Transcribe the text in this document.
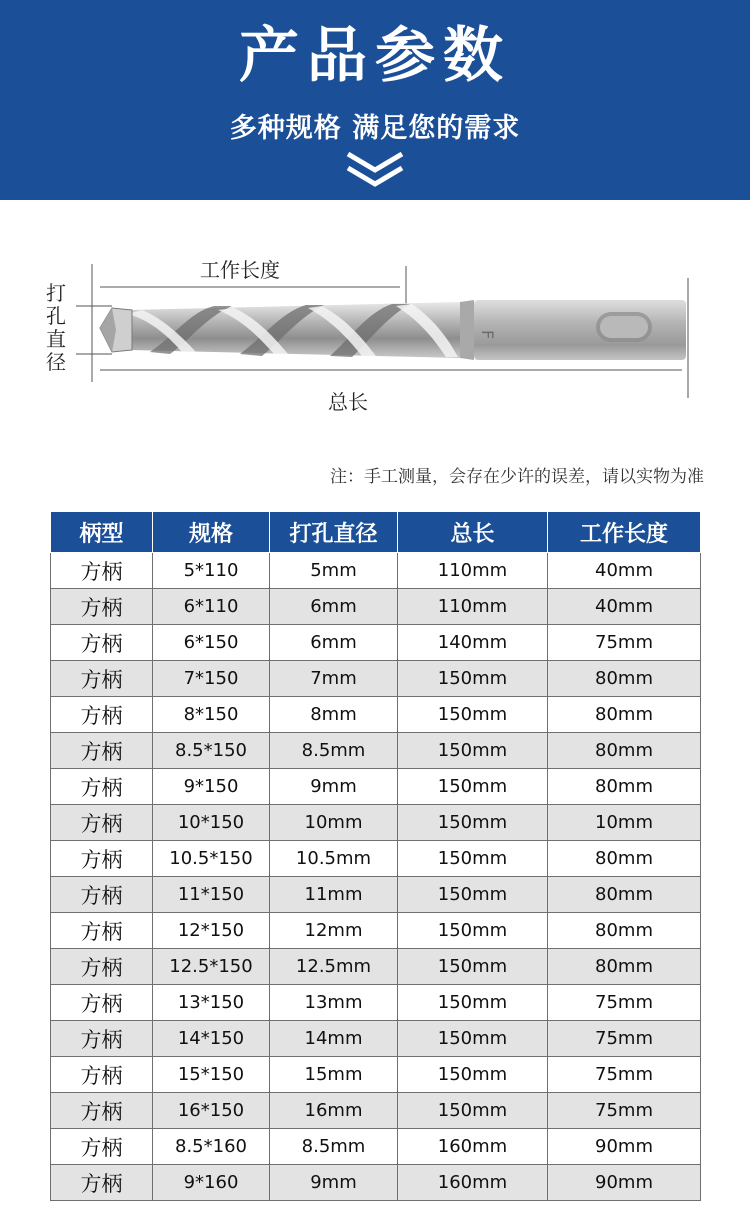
产品参数
多种规格 满足您的需求
F
工作长度
总长
打孔直径
注：手工测量，会存在少许的误差，请以实物为准
柄型	规格	打孔直径	总长	工作长度
方柄	5*110	5mm	110mm	40mm
方柄	6*110	6mm	110mm	40mm
方柄	6*150	6mm	140mm	75mm
方柄	7*150	7mm	150mm	80mm
方柄	8*150	8mm	150mm	80mm
方柄	8.5*150	8.5mm	150mm	80mm
方柄	9*150	9mm	150mm	80mm
方柄	10*150	10mm	150mm	10mm
方柄	10.5*150	10.5mm	150mm	80mm
方柄	11*150	11mm	150mm	80mm
方柄	12*150	12mm	150mm	80mm
方柄	12.5*150	12.5mm	150mm	80mm
方柄	13*150	13mm	150mm	75mm
方柄	14*150	14mm	150mm	75mm
方柄	15*150	15mm	150mm	75mm
方柄	16*150	16mm	150mm	75mm
方柄	8.5*160	8.5mm	160mm	90mm
方柄	9*160	9mm	160mm	90mm
